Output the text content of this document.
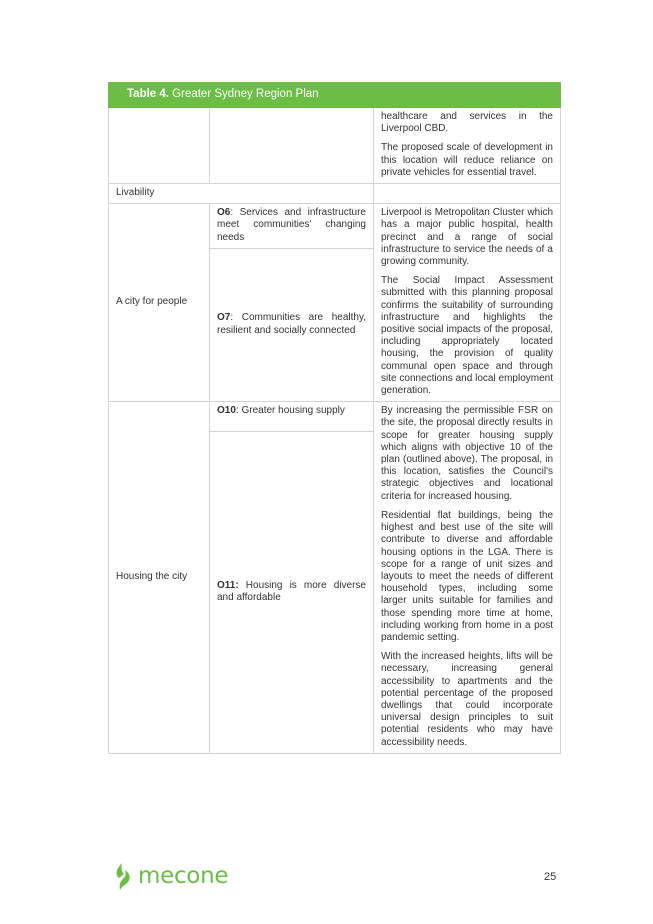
Table 4. Greater Sydney Region Plan		

		healthcare and services in the Liverpool CBD.

The proposed scale of development in this location will reduce reliance on private vehicles for essential travel.

Livability		
A city for people	O6: Services and infrastructure meet communities' changing needs	Liverpool is Metropolitan Cluster which has a major public hospital, health precinct and a range of social infrastructure to service the needs of a growing community.

The Social Impact Assessment submitted with this planning proposal confirms the suitability of surrounding infrastructure and highlights the positive social impacts of the proposal, including appropriately located housing, the provision of quality communal open space and through site connections and local employment generation.

	O7: Communities are healthy, resilient and socially connected	

Housing the city	O10: Greater housing supply	By increasing the permissible FSR on the site, the proposal directly results in scope for greater housing supply which aligns with objective 10 of the plan (outlined above). The proposal, in this location, satisfies the Council's strategic objectives and locational criteria for increased housing.

Residential flat buildings, being the highest and best use of the site will contribute to diverse and affordable housing options in the LGA. There is scope for a range of unit sizes and layouts to meet the needs of different household types, including some larger units suitable for families and those spending more time at home, including working from home in a post pandemic setting.

With the increased heights, lifts will be necessary, increasing general accessibility to apartments and the potential percentage of the proposed dwellings that could incorporate universal design principles to suit potential residents who may have accessibility needs.

	O11: Housing is more diverse and affordable	

mecone	25
